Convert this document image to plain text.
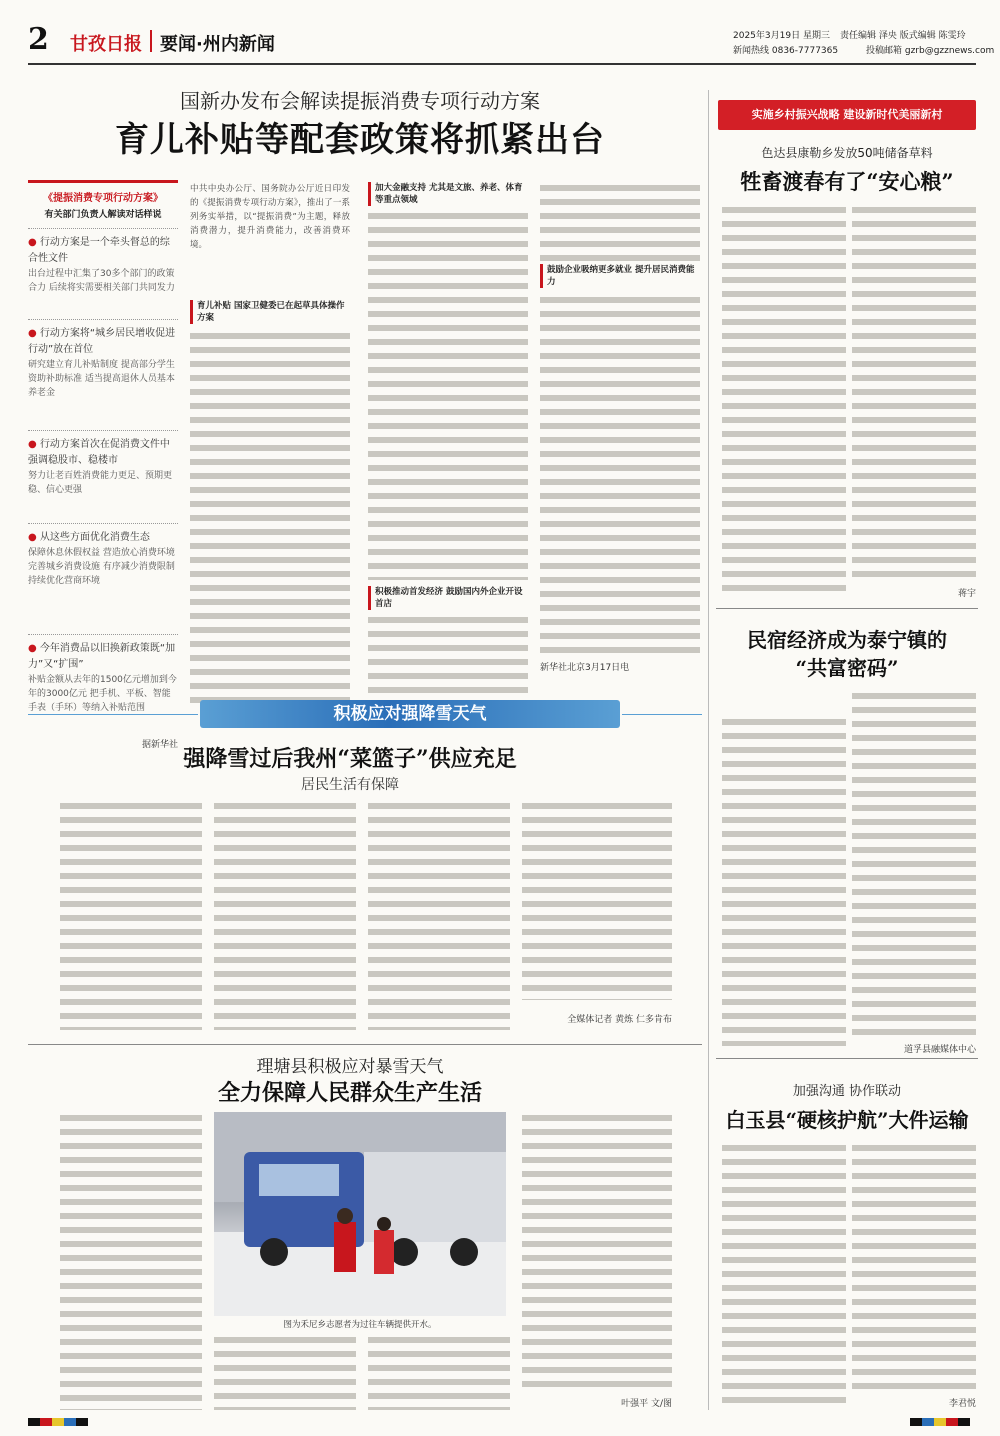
2 甘孜日报 要闻·州内新闻	2025年3月19日 星期三 责任编辑 泽央 版式编辑 陈雯玲
新闻热线 0836-7777365	投稿邮箱 gzrb@gzznews.com
国新办发布会解读提振消费专项行动方案
育儿补贴等配套政策将抓紧出台
《提振消费专项行动方案》
有关部门负责人解读对话样说
● 行动方案是一个牵头督总的综合性文件
出台过程中汇集了30多个部门的政策合力 后续将实需要相关部门共同发力
● 行动方案将“城乡居民增收促进行动”放在首位
研究建立育儿补贴制度 提高部分学生资助补助标准 适当提高退休人员基本养老金
● 行动方案首次在促消费文件中强调稳股市、稳楼市
努力让老百姓消费能力更足、预期更稳、信心更强
● 从这些方面优化消费生态
保障休息休假权益 营造放心消费环境 完善城乡消费设施 有序减少消费限制 持续优化营商环境
● 今年消费品以旧换新政策既“加力”又“扩围”
补贴金额从去年的1500亿元增加到今年的3000亿元 把手机、平板、智能手表（手环）等纳入补贴范围
据新华社
中共中央办公厅、国务院办公厅近日印发的《提振消费专项行动方案》，推出了一系列务实举措，以“提振消费”为主题，释放消费潜力，提升消费能力，改善消费环境。
育儿补贴 国家卫健委已在起草具体操作方案
加大金融支持 尤其是文旅、养老、体育等重点领域
积极推动首发经济 鼓励国内外企业开设首店
鼓励企业吸纳更多就业 提升居民消费能力
新华社北京3月17日电
实施乡村振兴战略 建设新时代美丽新村
色达县康勒乡发放50吨储备草料
牲畜渡春有了“安心粮”
蒋宇
民宿经济成为泰宁镇的
“共富密码”
积极应对强降雪天气
强降雪过后我州“菜篮子”供应充足
居民生活有保障
全媒体记者 黄炼 仁多肯布
道孚县融媒体中心
理塘县积极应对暴雪天气
全力保障人民群众生产生活
图为禾尼乡志愿者为过往车辆提供开水。
叶强平 文/图
加强沟通 协作联动
白玉县“硬核护航”大件运输
李君悦
